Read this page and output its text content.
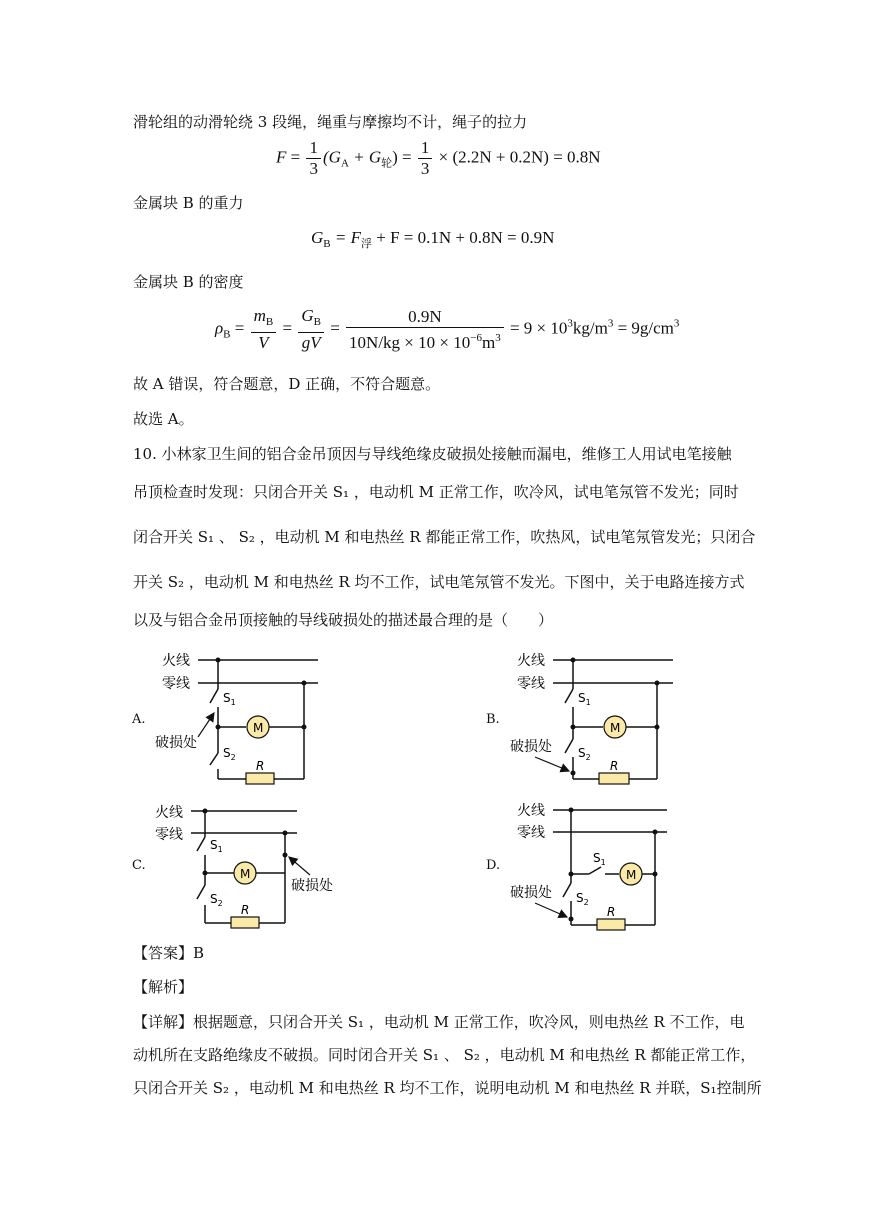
滑轮组的动滑轮绕 3 段绳，绳重与摩擦均不计，绳子的拉力
$F = \frac{1}{3} (G_A + G_轮) = \frac{1}{3} \times (2.2N + 0.2N) = 0.8N$
金属块 B 的重力
$G_B = F_浮 + F = 0.1N + 0.8N = 0.9N$
金属块 B 的密度
$\rho_B = \frac{m_B}{V} = \frac{G_B}{gV} = \frac{0.9N}{10N/kg \times 10 \times 10^{-6}m^3} = 9 \times 10^3kg/m^3 = 9g/cm^3$
故 A 错误，符合题意，D 正确，不符合题意。
故选 A。
10. 小林家卫生间的铝合金吊顶因与导线绝缘皮破损处接触而漏电，维修工人用试电笔接触
吊顶检查时发现：只闭合开关 S₁ ，电动机 M 正常工作，吹冷风，试电笔氖管不发光；同时
闭合开关 S₁ 、 S₂ ，电动机 M 和电热丝 R 都能正常工作，吹热风，试电笔氖管发光；只闭合
开关 S₂ ，电动机 M 和电热丝 R 均不工作，试电笔氖管不发光。下图中，关于电路连接方式
以及与铝合金吊顶接触的导线破损处的描述最合理的是（　　）
A.	B.
C.	D.
火线
零线
$S_1$
M
$S_2$
R
破损处
火线
零线
$S_1$
M
$S_2$
R
破损处
火线
零线
$S_1$
M
$S_2$ R
破损处
火线
零线
$S_1$
M
$S_2$
R
破损处
【答案】B
【解析】
【详解】根据题意，只闭合开关 S₁ ，电动机 M 正常工作，吹冷风，则电热丝 R 不工作，电
动机所在支路绝缘皮不破损。同时闭合开关 S₁ 、 S₂ ，电动机 M 和电热丝 R 都能正常工作，
只闭合开关 S₂ ，电动机 M 和电热丝 R 均不工作，说明电动机 M 和电热丝 R 并联，S₁控制所
